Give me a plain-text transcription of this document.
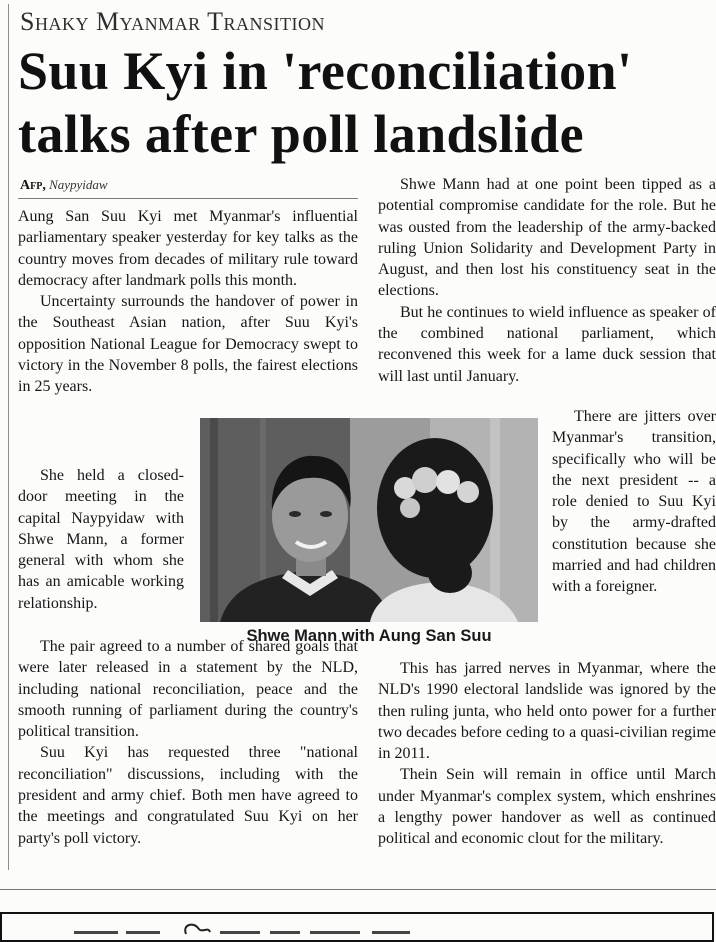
Shaky Myanmar Transition
Suu Kyi in 'reconciliation' talks after poll landslide
Afp, Naypyidaw

Aung San Suu Kyi met Myanmar's influential parliamentary speaker yesterday for key talks as the country moves from decades of military rule toward democracy after landmark polls this month.

Uncertainty surrounds the handover of power in the Southeast Asian nation, after Suu Kyi's opposition National League for Democracy swept to victory in the November 8 polls, the fairest elections in 25 years.

She held a closed-door meeting in the capital Naypyidaw with Shwe Mann, a former general with whom she has an amicable working relationship.

The pair agreed to a number of shared goals that were later released in a statement by the NLD, including national reconciliation, peace and the smooth running of parliament during the country's political transition.

Suu Kyi has requested three "national reconciliation" discussions, including with the president and army chief. Both men have agreed to the meetings and congratulated Suu Kyi on her party's poll victory.

Shwe Mann had at one point been tipped as a potential compromise candidate for the role. But he was ousted from the leadership of the army-backed ruling Union Solidarity and Development Party in August, and then lost his constituency seat in the elections.

But he continues to wield influence as speaker of the combined national parliament, which reconvened this week for a lame duck session that will last until January.

There are jitters over Myanmar's transition, specifically who will be the next president -- a role denied to Suu Kyi by the army-drafted constitution because she married and had children with a foreigner.

This has jarred nerves in Myanmar, where the NLD's 1990 electoral landslide was ignored by the then ruling junta, who held onto power for a further two decades before ceding to a quasi-civilian regime in 2011.

Thein Sein will remain in office until March under Myanmar's complex system, which enshrines a lengthy power handover as well as continued political and economic clout for the military.

Shwe Mann with Aung San Suu
